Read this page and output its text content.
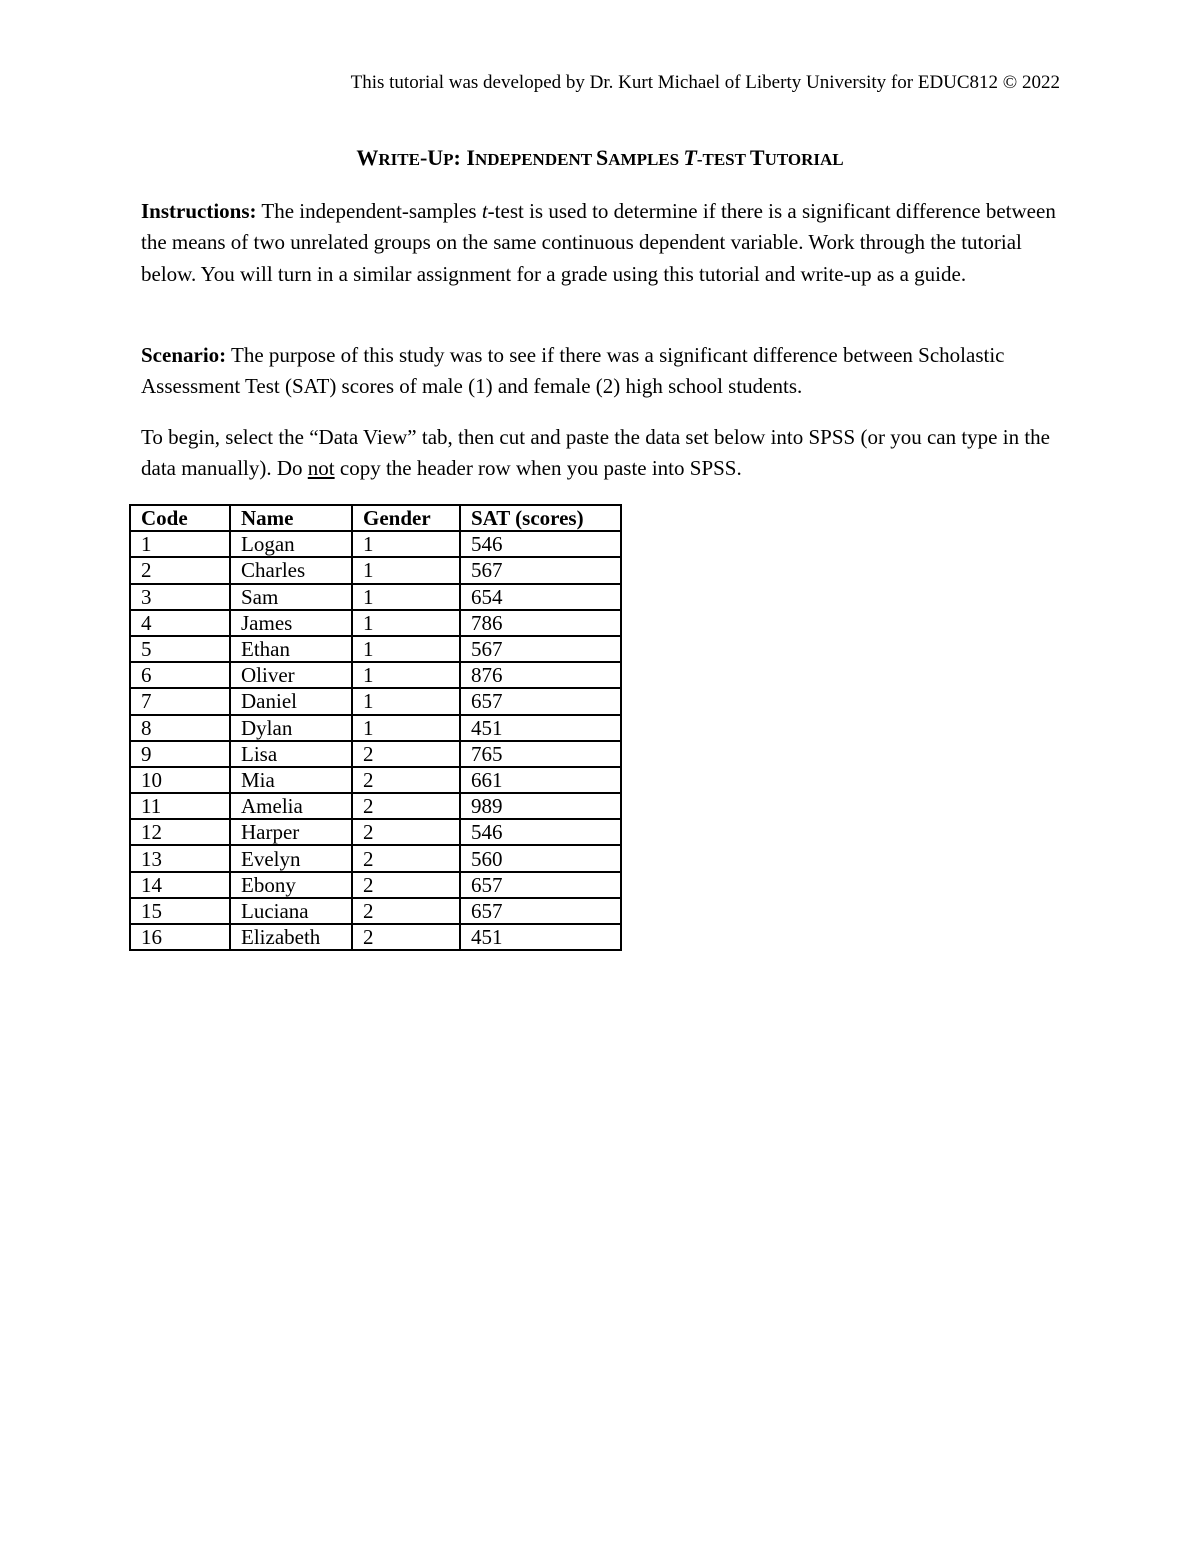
This tutorial was developed by Dr. Kurt Michael of Liberty University for EDUC812 © 2022
WRITE-UP: INDEPENDENT SAMPLES T-TEST TUTORIAL
Instructions: The independent-samples t-test is used to determine if there is a significant difference between the means of two unrelated groups on the same continuous dependent variable. Work through the tutorial below. You will turn in a similar assignment for a grade using this tutorial and write-up as a guide.
Scenario: The purpose of this study was to see if there was a significant difference between Scholastic Assessment Test (SAT) scores of male (1) and female (2) high school students.
To begin, select the “Data View” tab, then cut and paste the data set below into SPSS (or you can type in the data manually). Do not copy the header row when you paste into SPSS.
Code	Name	Gender	SAT (scores)
1	Logan	1	546
2	Charles	1	567
3	Sam	1	654
4	James	1	786
5	Ethan	1	567
6	Oliver	1	876
7	Daniel	1	657
8	Dylan	1	451
9	Lisa	2	765
10	Mia	2	661
11	Amelia	2	989
12	Harper	2	546
13	Evelyn	2	560
14	Ebony	2	657
15	Luciana	2	657
16	Elizabeth	2	451
